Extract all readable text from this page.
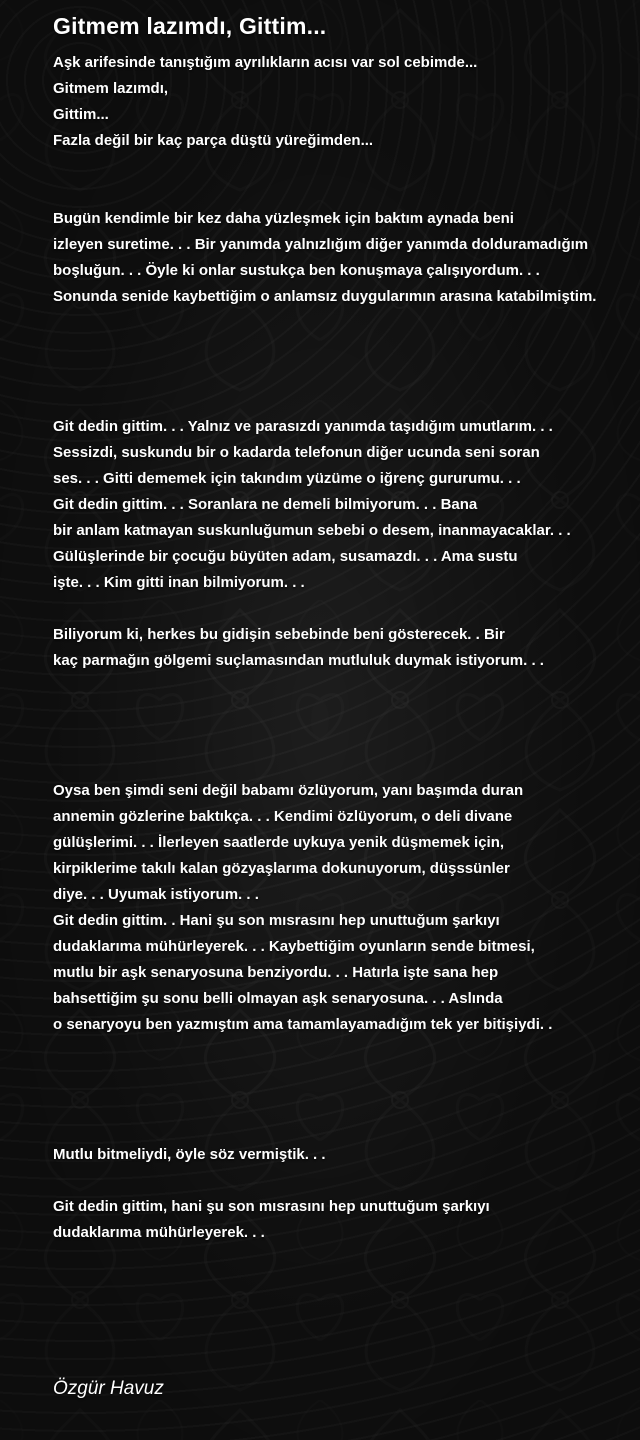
Gitmem lazımdı, Gittim...
Aşk arifesinde tanıştığım ayrılıkların acısı var sol cebimde...
Gitmem lazımdı,
Gittim...
Fazla değil bir kaç parça düştü yüreğimden...
Bugün kendimle bir kez daha yüzleşmek için baktım aynada beni
izleyen suretime. . . Bir yanımda yalnızlığım diğer yanımda dolduramadığım
boşluğun. . . Öyle ki onlar sustukça ben konuşmaya çalışıyordum. . .
Sonunda senide kaybettiğim o anlamsız duygularımın arasına katabilmiştim.
Git dedin gittim. . . Yalnız ve parasızdı yanımda taşıdığım umutlarım. . .
Sessizdi, suskundu bir o kadarda telefonun diğer ucunda seni soran
ses. . . Gitti dememek için takındım yüzüme o iğrenç gururumu. . .
Git dedin gittim. . . Soranlara ne demeli bilmiyorum. . . Bana
bir anlam katmayan suskunluğumun sebebi o desem, inanmayacaklar. . .
Gülüşlerinde bir çocuğu büyüten adam, susamazdı. . . Ama sustu
işte. . . Kim gitti inan bilmiyorum. . .
Biliyorum ki, herkes bu gidişin sebebinde beni gösterecek. . Bir
kaç parmağın gölgemi suçlamasından mutluluk duymak istiyorum. . .
Oysa ben şimdi seni değil babamı özlüyorum, yanı başımda duran
annemin gözlerine baktıkça. . . Kendimi özlüyorum, o deli divane
gülüşlerimi. . . İlerleyen saatlerde uykuya yenik düşmemek için,
kirpiklerime takılı kalan gözyaşlarıma dokunuyorum, düşssünler
diye. . . Uyumak istiyorum. . .
Git dedin gittim. . Hani şu son mısrasını hep unuttuğum şarkıyı
dudaklarıma mühürleyerek. . . Kaybettiğim oyunların sende bitmesi,
mutlu bir aşk senaryosuna benziyordu. . . Hatırla işte sana hep
bahsettiğim şu sonu belli olmayan aşk senaryosuna. . . Aslında
o senaryoyu ben yazmıştım ama tamamlayamadığım tek yer bitişiydi. .
Mutlu bitmeliydi, öyle söz vermiştik. . .
Git dedin gittim, hani şu son mısrasını hep unuttuğum şarkıyı
dudaklarıma mühürleyerek. . .
Özgür Havuz
